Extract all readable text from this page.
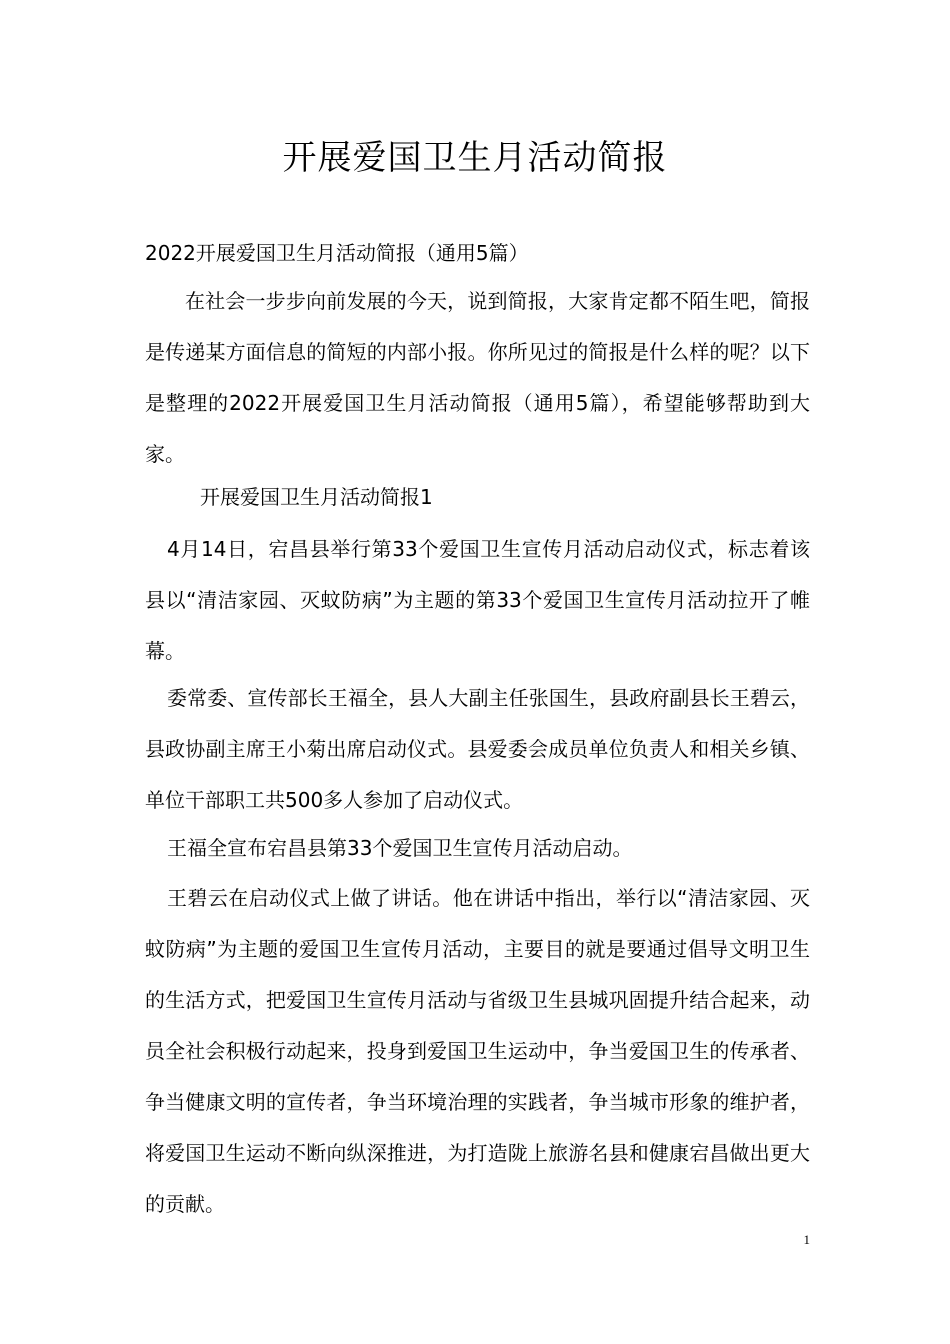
开展爱国卫生月活动简报

2022开展爱国卫生月活动简报（通用5篇）

在社会一步步向前发展的今天，说到简报，大家肯定都不陌生吧，简报是传递某方面信息的简短的内部小报。你所见过的简报是什么样的呢？以下是整理的2022开展爱国卫生月活动简报（通用5篇），希望能够帮助到大家。

开展爱国卫生月活动简报1

4月14日，宕昌县举行第33个爱国卫生宣传月活动启动仪式，标志着该县以“清洁家园、灭蚊防病”为主题的第33个爱国卫生宣传月活动拉开了帷幕。

委常委、宣传部长王福全，县人大副主任张国生，县政府副县长王碧云，县政协副主席王小菊出席启动仪式。县爱委会成员单位负责人和相关乡镇、单位干部职工共500多人参加了启动仪式。

王福全宣布宕昌县第33个爱国卫生宣传月活动启动。

王碧云在启动仪式上做了讲话。他在讲话中指出，举行以“清洁家园、灭蚊防病”为主题的爱国卫生宣传月活动，主要目的就是要通过倡导文明卫生的生活方式，把爱国卫生宣传月活动与省级卫生县城巩固提升结合起来，动员全社会积极行动起来，投身到爱国卫生运动中，争当爱国卫生的传承者、争当健康文明的宣传者，争当环境治理的实践者，争当城市形象的维护者，将爱国卫生运动不断向纵深推进，为打造陇上旅游名县和健康宕昌做出更大的贡献。

1
